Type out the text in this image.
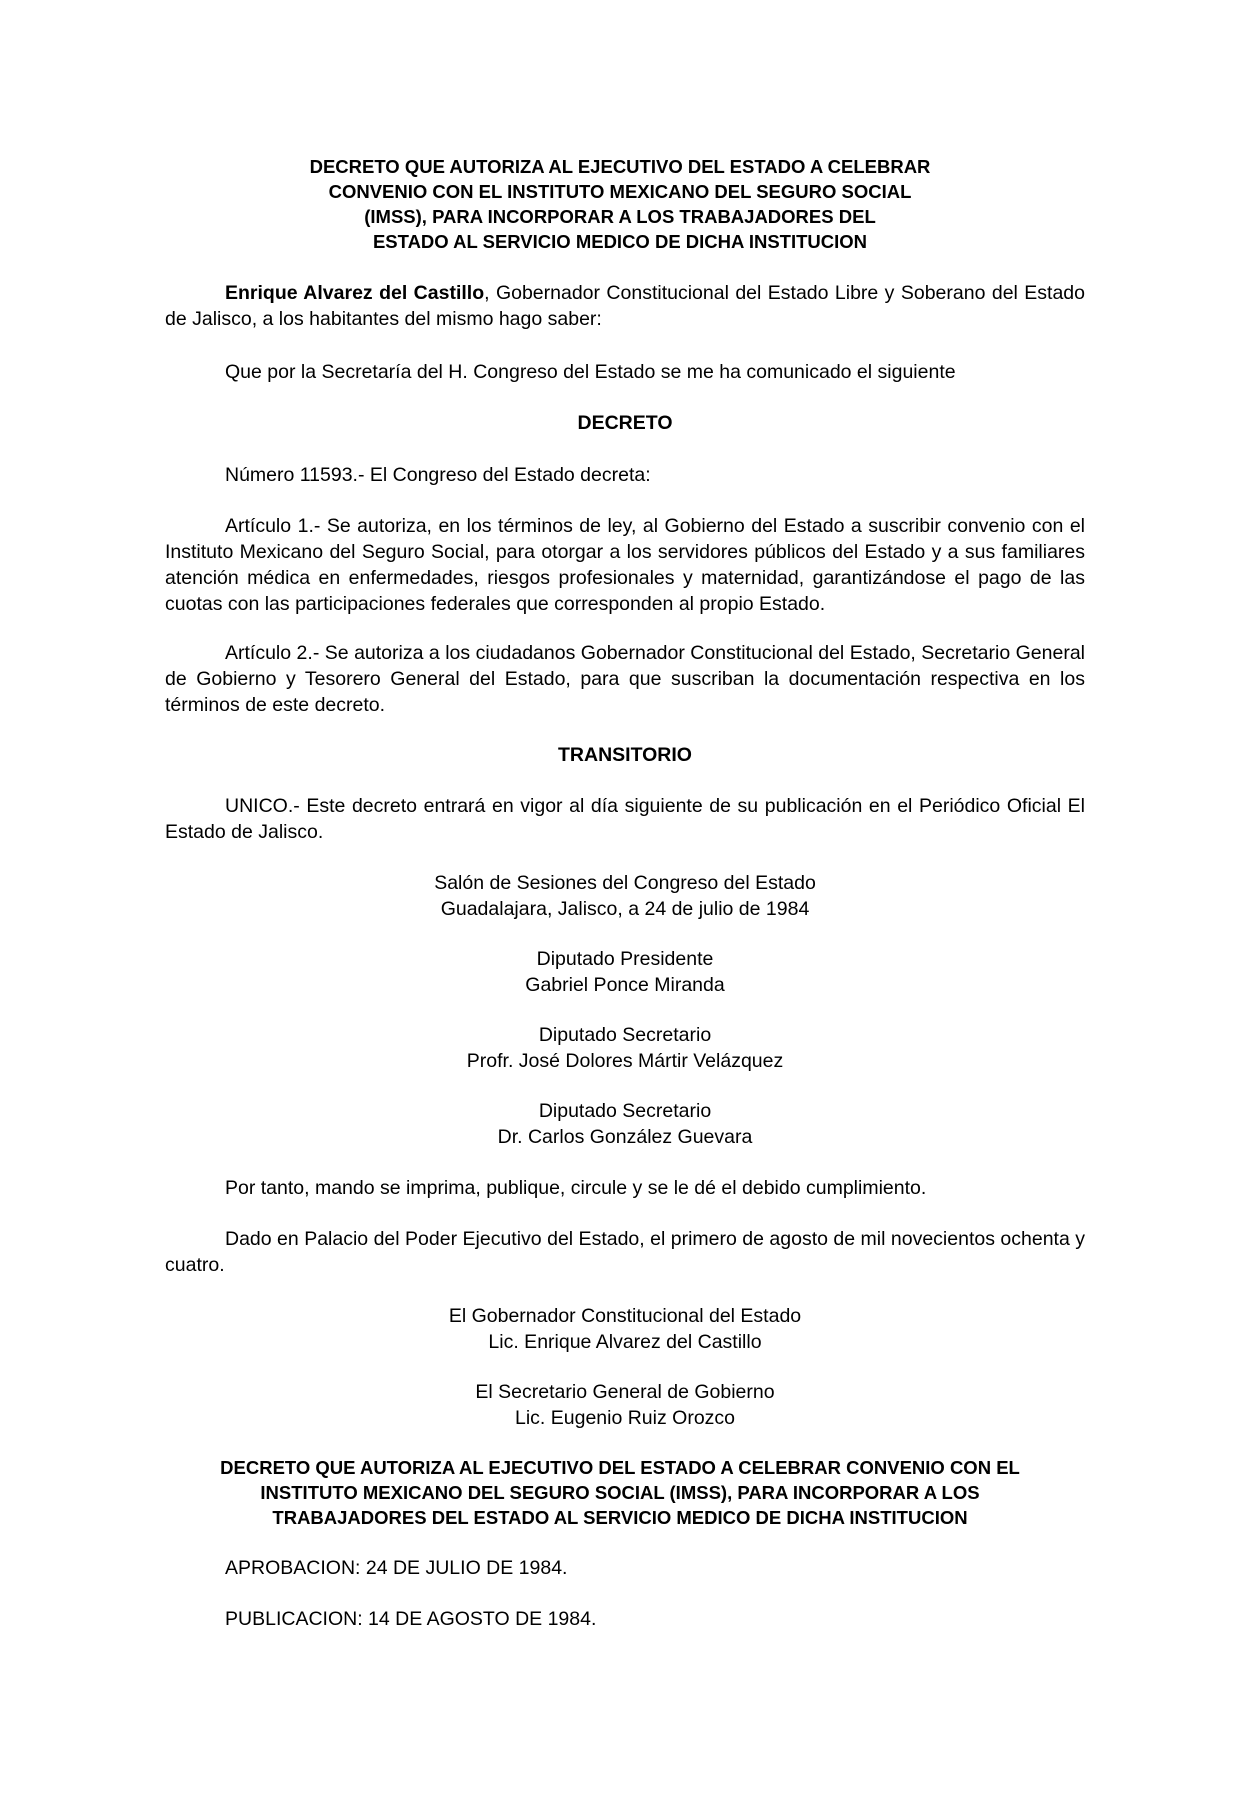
DECRETO QUE AUTORIZA AL EJECUTIVO DEL ESTADO A CELEBRAR
CONVENIO CON EL INSTITUTO MEXICANO DEL SEGURO SOCIAL
(IMSS), PARA INCORPORAR A LOS TRABAJADORES DEL
ESTADO AL SERVICIO MEDICO DE DICHA INSTITUCION
Enrique Alvarez del Castillo, Gobernador Constitucional del Estado Libre y Soberano del Estado de Jalisco, a los habitantes del mismo hago saber:
Que por la Secretaría del H. Congreso del Estado se me ha comunicado el siguiente
DECRETO
Número 11593.- El Congreso del Estado decreta:
Artículo 1.- Se autoriza, en los términos de ley, al Gobierno del Estado a suscribir convenio con el Instituto Mexicano del Seguro Social, para otorgar a los servidores públicos del Estado y a sus familiares atención médica en enfermedades, riesgos profesionales y maternidad, garantizándose el pago de las cuotas con las participaciones federales que corresponden al propio Estado.
Artículo 2.- Se autoriza a los ciudadanos Gobernador Constitucional del Estado, Secretario General de Gobierno y Tesorero General del Estado, para que suscriban la documentación respectiva en los términos de este decreto.
TRANSITORIO
UNICO.- Este decreto entrará en vigor al día siguiente de su publicación en el Periódico Oficial El Estado de Jalisco.
Salón de Sesiones del Congreso del Estado
Guadalajara, Jalisco, a 24 de julio de 1984
Diputado Presidente
Gabriel Ponce Miranda
Diputado Secretario
Profr. José Dolores Mártir Velázquez
Diputado Secretario
Dr. Carlos González Guevara
Por tanto, mando se imprima, publique, circule y se le dé el debido cumplimiento.
Dado en Palacio del Poder Ejecutivo del Estado, el primero de agosto de mil novecientos ochenta y cuatro.
El Gobernador Constitucional del Estado
Lic. Enrique Alvarez del Castillo
El Secretario General de Gobierno
Lic. Eugenio Ruiz Orozco
DECRETO QUE AUTORIZA AL EJECUTIVO DEL ESTADO A CELEBRAR CONVENIO CON EL
INSTITUTO MEXICANO DEL SEGURO SOCIAL (IMSS), PARA INCORPORAR A LOS
TRABAJADORES DEL ESTADO AL SERVICIO MEDICO DE DICHA INSTITUCION
APROBACION: 24 DE JULIO DE 1984.
PUBLICACION: 14 DE AGOSTO DE 1984.
